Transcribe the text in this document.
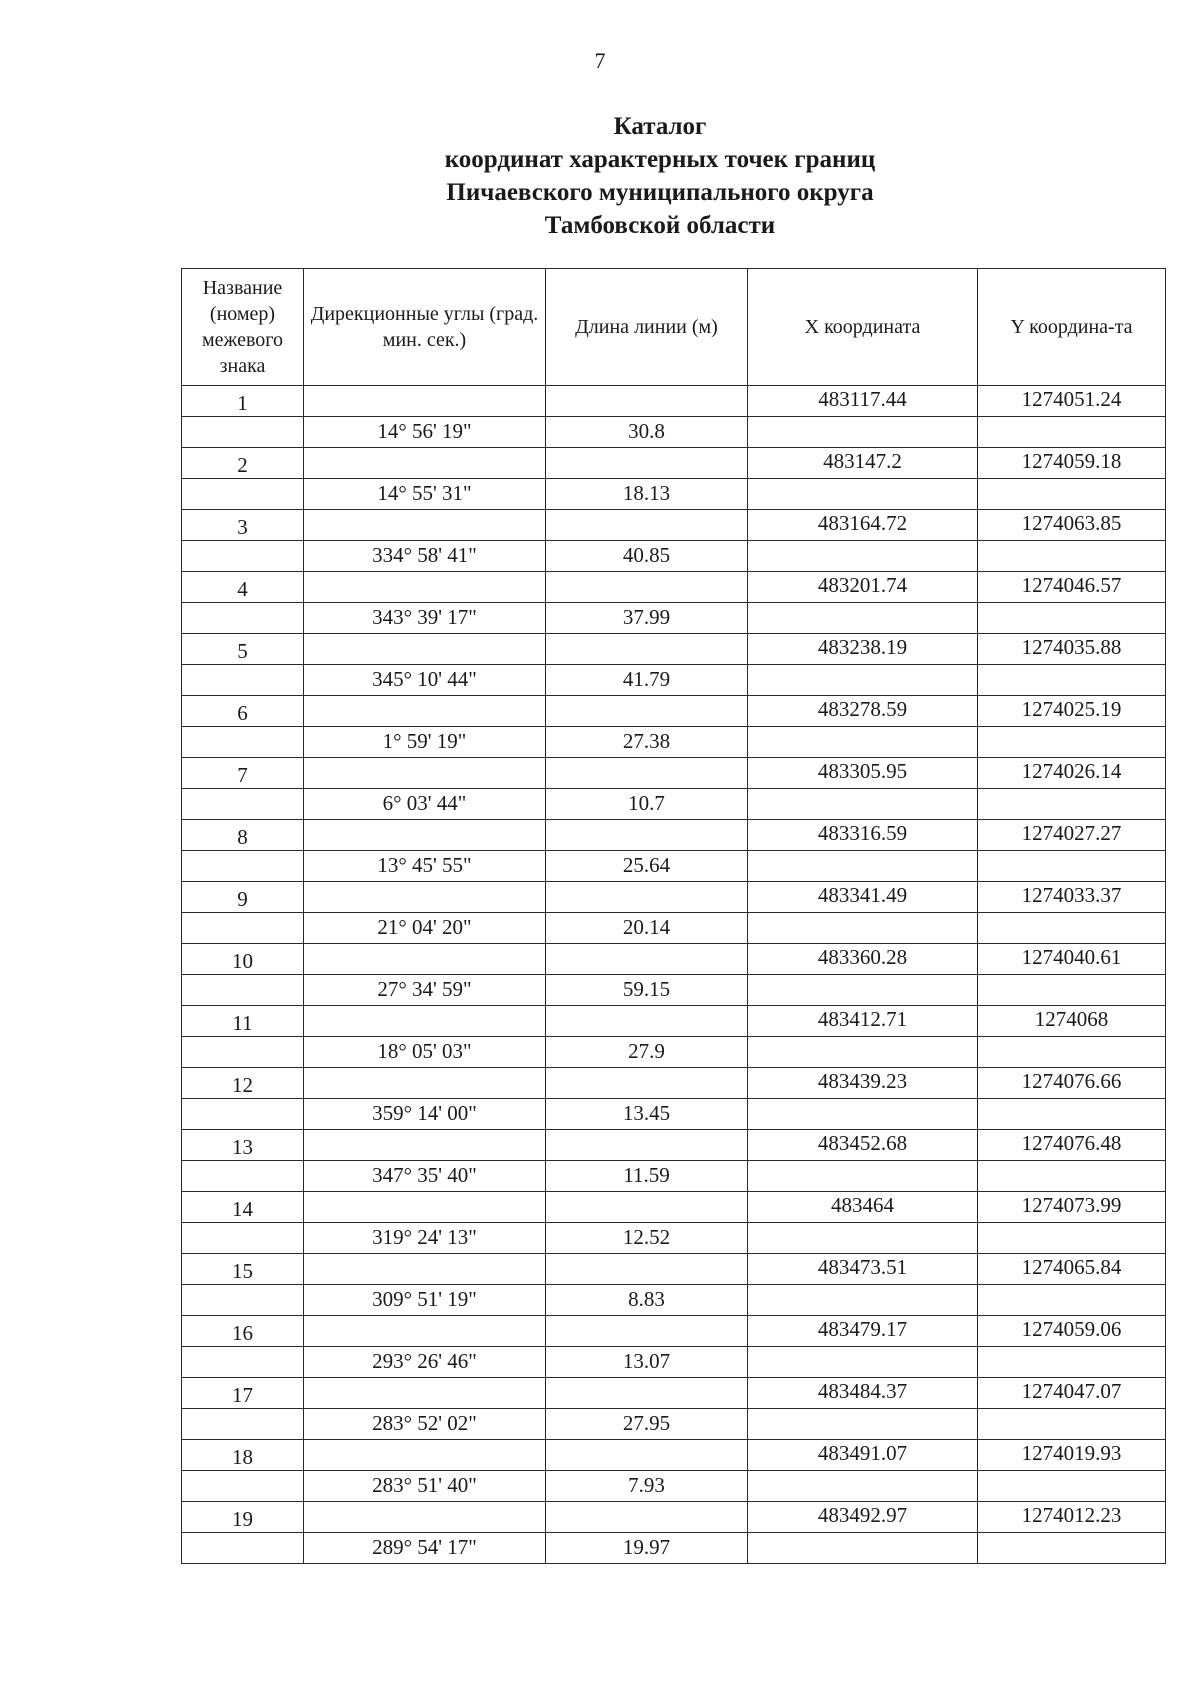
7
Каталог
координат характерных точек границ
Пичаевского муниципального округа
Тамбовской области
Название (номер) межевого знака	Дирекционные углы (град. мин. сек.)	Длина линии (м)	X координата	Y координа-та
1			483117.44	1274051.24
	14° 56' 19"	30.8		
2			483147.2	1274059.18
	14° 55' 31"	18.13		
3			483164.72	1274063.85
	334° 58' 41"	40.85		
4			483201.74	1274046.57
	343° 39' 17"	37.99		
5			483238.19	1274035.88
	345° 10' 44"	41.79		
6			483278.59	1274025.19
	1° 59' 19"	27.38		
7			483305.95	1274026.14
	6° 03' 44"	10.7		
8			483316.59	1274027.27
	13° 45' 55"	25.64		
9			483341.49	1274033.37
	21° 04' 20"	20.14		
10			483360.28	1274040.61
	27° 34' 59"	59.15		
11			483412.71	1274068
	18° 05' 03"	27.9		
12			483439.23	1274076.66
	359° 14' 00"	13.45		
13			483452.68	1274076.48
	347° 35' 40"	11.59		
14			483464	1274073.99
	319° 24' 13"	12.52		
15			483473.51	1274065.84
	309° 51' 19"	8.83		
16			483479.17	1274059.06
	293° 26' 46"	13.07		
17			483484.37	1274047.07
	283° 52' 02"	27.95		
18			483491.07	1274019.93
	283° 51' 40"	7.93		
19			483492.97	1274012.23
	289° 54' 17"	19.97		
